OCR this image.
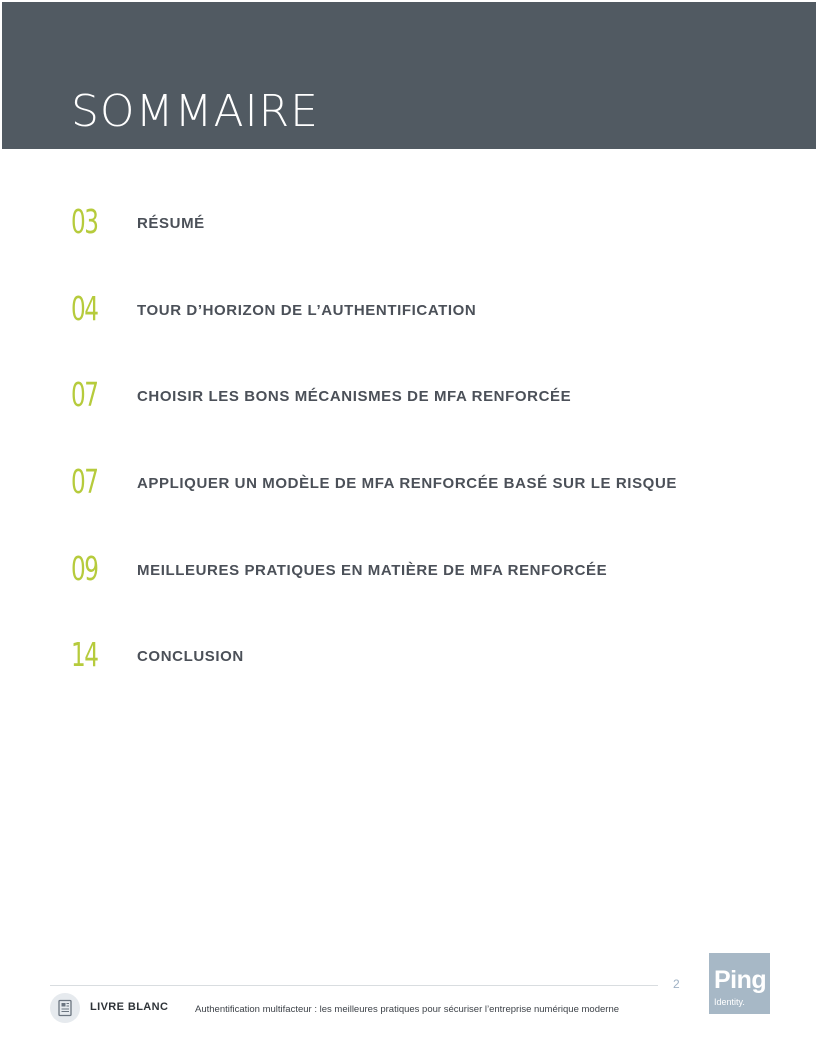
SOMMAIRE
03	RÉSUMÉ
04	TOUR D’HORIZON DE L’AUTHENTIFICATION
07	CHOISIR LES BONS MÉCANISMES DE MFA RENFORCÉE
07	APPLIQUER UN MODÈLE DE MFA RENFORCÉE BASÉ SUR LE RISQUE
09	MEILLEURES PRATIQUES EN MATIÈRE DE MFA RENFORCÉE
14	CONCLUSION
2 Ping
Identity.
LIVRE BLANC	Authentification multifacteur : les meilleures pratiques pour sécuriser l’entreprise numérique moderne
